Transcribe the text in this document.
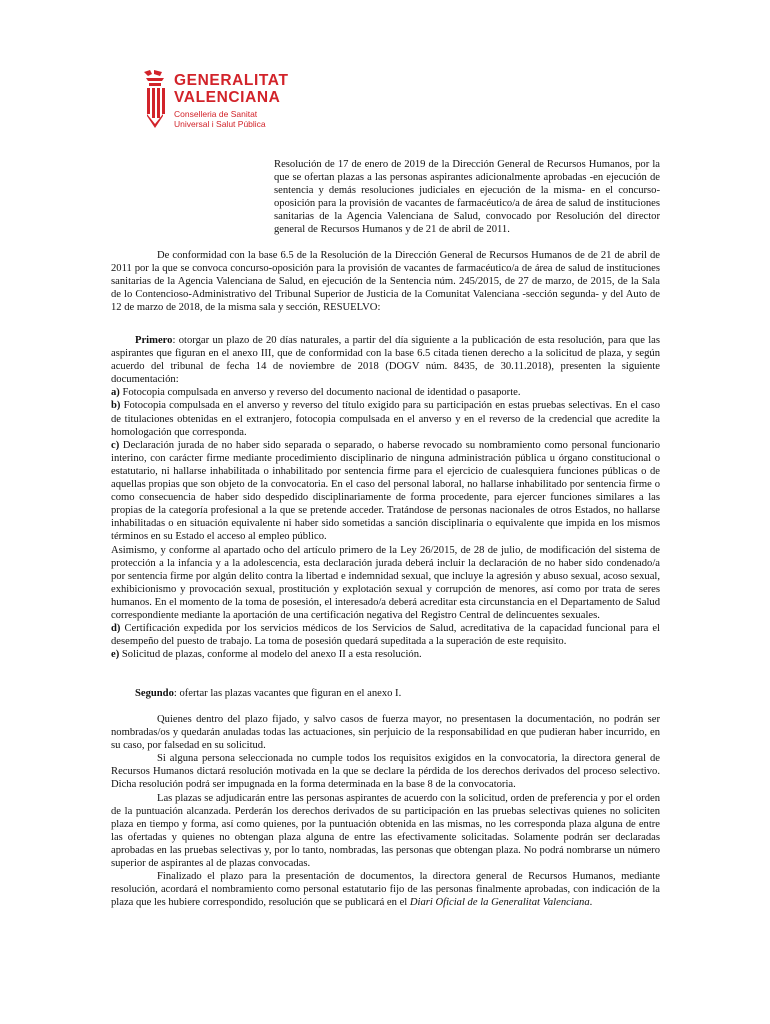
GENERALITAT
VALENCIANA
Conselleria de Sanitat
Universal i Salut Pública
Resolución de 17 de enero de 2019 de la Dirección General de Recursos Humanos, por la que se ofertan plazas a las personas aspirantes adicionalmente aprobadas -en ejecución de sentencia y demás resoluciones judiciales en ejecución de la misma- en el concurso-oposición para la provisión de vacantes de farmacéutico/a de área de salud de instituciones sanitarias de la Agencia Valenciana de Salud, convocado por Resolución del director general de Recursos Humanos y de 21 de abril de 2011.

De conformidad con la base 6.5 de la Resolución de la Dirección General de Recursos Humanos de de 21 de abril de 2011 por la que se convoca concurso-oposición para la provisión de vacantes de farmacéutico/a de área de salud de instituciones sanitarias de la Agencia Valenciana de Salud, en ejecución de la Sentencia núm. 245/2015, de 27 de marzo, de 2015, de la Sala de lo Contencioso-Administrativo del Tribunal Superior de Justicia de la Comunitat Valenciana -sección segunda- y del Auto de 12 de marzo de 2018, de la misma sala y sección, RESUELVO:

Primero: otorgar un plazo de 20 días naturales, a partir del día siguiente a la publicación de esta resolución, para que las aspirantes que figuran en el anexo III, que de conformidad con la base 6.5 citada tienen derecho a la solicitud de plaza, y según acuerdo del tribunal de fecha 14 de noviembre de 2018 (DOGV núm. 8435, de 30.11.2018), presenten la siguiente documentación:

a) Fotocopia compulsada en anverso y reverso del documento nacional de identidad o pasaporte.

b) Fotocopia compulsada en el anverso y reverso del título exigido para su participación en estas pruebas selectivas. En el caso de titulaciones obtenidas en el extranjero, fotocopia compulsada en el anverso y en el reverso de la credencial que acredite la homologación que corresponda.

c) Declaración jurada de no haber sido separada o separado, o haberse revocado su nombramiento como personal funcionario interino, con carácter firme mediante procedimiento disciplinario de ninguna administración pública u órgano constitucional o estatutario, ni hallarse inhabilitada o inhabilitado por sentencia firme para el ejercicio de cualesquiera funciones públicas o de aquellas propias que son objeto de la convocatoria. En el caso del personal laboral, no hallarse inhabilitado por sentencia firme o como consecuencia de haber sido despedido disciplinariamente de forma procedente, para ejercer funciones similares a las propias de la categoría profesional a la que se pretende acceder. Tratándose de personas nacionales de otros Estados, no hallarse inhabilitadas o en situación equivalente ni haber sido sometidas a sanción disciplinaria o equivalente que impida en los mismos términos en su Estado el acceso al empleo público.

Asimismo, y conforme al apartado ocho del artículo primero de la Ley 26/2015, de 28 de julio, de modificación del sistema de protección a la infancia y a la adolescencia, esta declaración jurada deberá incluir la declaración de no haber sido condenado/a por sentencia firme por algún delito contra la libertad e indemnidad sexual, que incluye la agresión y abuso sexual, acoso sexual, exhibicionismo y provocación sexual, prostitución y explotación sexual y corrupción de menores, así como por trata de seres humanos. En el momento de la toma de posesión, el interesado/a deberá acreditar esta circunstancia en el Departamento de Salud correspondiente mediante la aportación de una certificación negativa del Registro Central de delincuentes sexuales.

d) Certificación expedida por los servicios médicos de los Servicios de Salud, acreditativa de la capacidad funcional para el desempeño del puesto de trabajo. La toma de posesión quedará supeditada a la superación de este requisito.

e) Solicitud de plazas, conforme al modelo del anexo II a esta resolución.

Segundo: ofertar las plazas vacantes que figuran en el anexo I.

Quienes dentro del plazo fijado, y salvo casos de fuerza mayor, no presentasen la documentación, no podrán ser nombradas/os y quedarán anuladas todas las actuaciones, sin perjuicio de la responsabilidad en que pudieran haber incurrido, en su caso, por falsedad en su solicitud.

Si alguna persona seleccionada no cumple todos los requisitos exigidos en la convocatoria, la directora general de Recursos Humanos dictará resolución motivada en la que se declare la pérdida de los derechos derivados del proceso selectivo. Dicha resolución podrá ser impugnada en la forma determinada en la base 8 de la convocatoria.

Las plazas se adjudicarán entre las personas aspirantes de acuerdo con la solicitud, orden de preferencia y por el orden de la puntuación alcanzada. Perderán los derechos derivados de su participación en las pruebas selectivas quienes no soliciten plaza en tiempo y forma, así como quienes, por la puntuación obtenida en las mismas, no les corresponda plaza alguna de entre las ofertadas y quienes no obtengan plaza alguna de entre las efectivamente solicitadas. Solamente podrán ser declaradas aprobadas en las pruebas selectivas y, por lo tanto, nombradas, las personas que obtengan plaza. No podrá nombrarse un número superior de aspirantes al de plazas convocadas.

Finalizado el plazo para la presentación de documentos, la directora general de Recursos Humanos, mediante resolución, acordará el nombramiento como personal estatutario fijo de las personas finalmente aprobadas, con indicación de la plaza que les hubiere correspondido, resolución que se publicará en el Diari Oficial de la Generalitat Valenciana.
